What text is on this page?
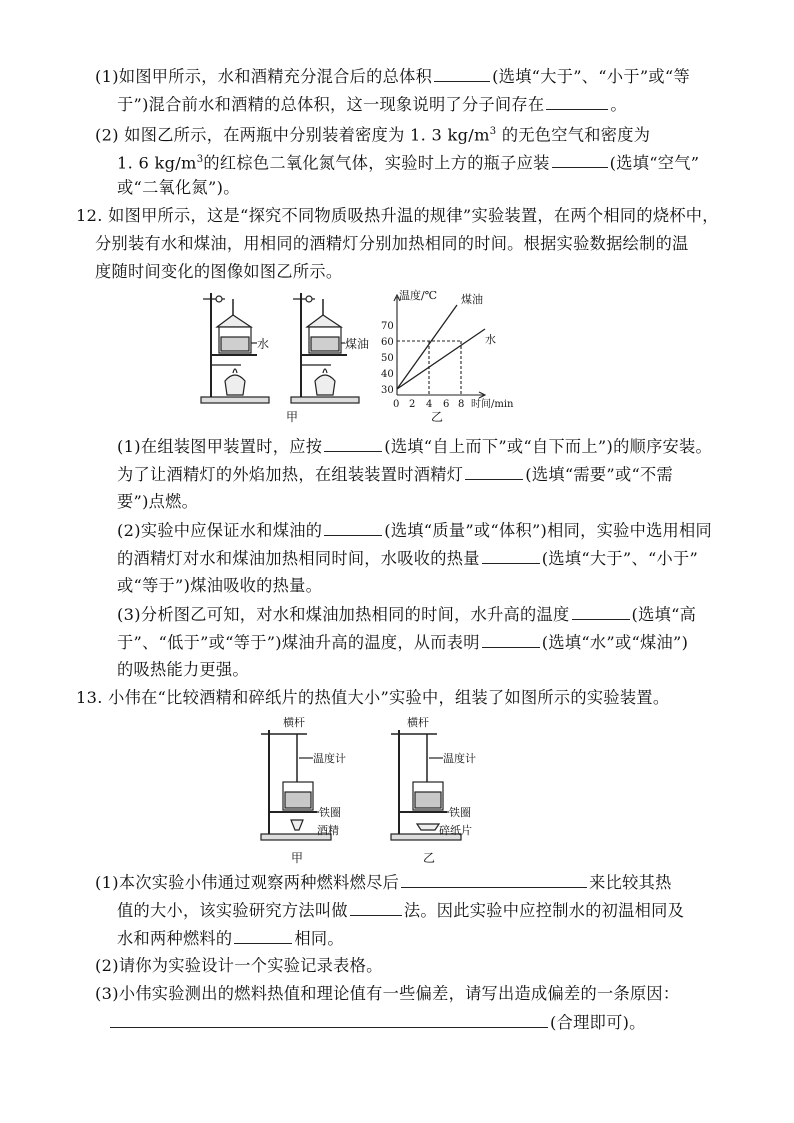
(1)如图甲所示，水和酒精充分混合后的总体积	(选填“大于”、“小于”或“等
于”)混合前水和酒精的总体积，这一现象说明了分子间存在	。
(2) 如图乙所示，在两瓶中分别装着密度为 1. 3 $kg/m^3$ 的无色空气和密度为
1. 6 $kg/m^3$的红棕色二氧化氮气体，实验时上方的瓶子应装	(选填“空气”
或“二氧化氮”)。
12. 如图甲所示，这是“探究不同物质吸热升温的规律”实验装置，在两个相同的烧杯中，
分别装有水和煤油，用相同的酒精灯分别加热相同的时间。根据实验数据绘制的温
度随时间变化的图像如图乙所示。
水	煤油
甲
温度/℃ 煤油
水
70
60
50
40
30
0 2 4 6 8 时间/min
乙
(1)在组装图甲装置时，应按	(选填“自上而下”或“自下而上”)的顺序安装。
为了让酒精灯的外焰加热，在组装装置时酒精灯	(选填“需要”或“不需
要”)点燃。
(2)实验中应保证水和煤油的	(选填“质量”或“体积”)相同，实验中选用相同
的酒精灯对水和煤油加热相同时间，水吸收的热量	(选填“大于”、“小于”
或“等于”)煤油吸收的热量。
(3)分析图乙可知，对水和煤油加热相同的时间，水升高的温度	(选填“高
于”、“低于”或“等于”)煤油升高的温度，从而表明	(选填“水”或“煤油”)
的吸热能力更强。
13. 小伟在“比较酒精和碎纸片的热值大小”实验中，组装了如图所示的实验装置。
横杆	横杆
温度计	温度计
铁圈	铁圈
酒精	碎纸片
甲	乙
(1)本次实验小伟通过观察两种燃料燃尽后	来比较其热
值的大小，该实验研究方法叫做	法。因此实验中应控制水的初温相同及
水和两种燃料的	相同。
(2)请你为实验设计一个实验记录表格。
(3)小伟实验测出的燃料热值和理论值有一些偏差，请写出造成偏差的一条原因：
(合理即可)。
